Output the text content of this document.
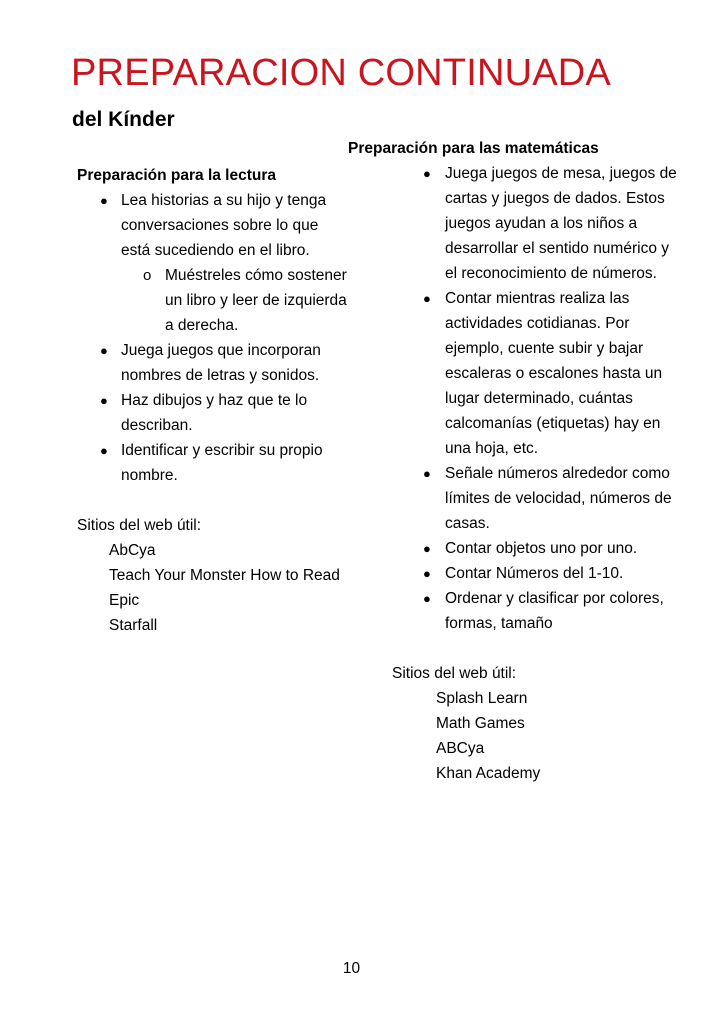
PREPARACION CONTINUADA
del Kínder
Preparación para la lectura
● Lea historias a su hijo y tenga conversaciones sobre lo que está sucediendo en el libro.
o Muéstreles cómo sostener un libro y leer de izquierda a derecha.
● Juega juegos que incorporan nombres de letras y sonidos.
● Haz dibujos y haz que te lo describan.
● Identificar y escribir su propio nombre.
Sitios del web útil:
AbCya
Teach Your Monster How to Read
Epic
Starfall
Preparación para las matemáticas
● Juega juegos de mesa, juegos de cartas y juegos de dados. Estos juegos ayudan a los niños a desarrollar el sentido numérico y el reconocimiento de números.
● Contar mientras realiza las actividades cotidianas. Por ejemplo, cuente subir y bajar escaleras o escalones hasta un lugar determinado, cuántas calcomanías (etiquetas) hay en una hoja, etc.
● Señale números alrededor como límites de velocidad, números de casas.
● Contar objetos uno por uno.
● Contar Números del 1-10.
● Ordenar y clasificar por colores, formas, tamaño
Sitios del web útil:
Splash Learn
Math Games
ABCya
Khan Academy
10
